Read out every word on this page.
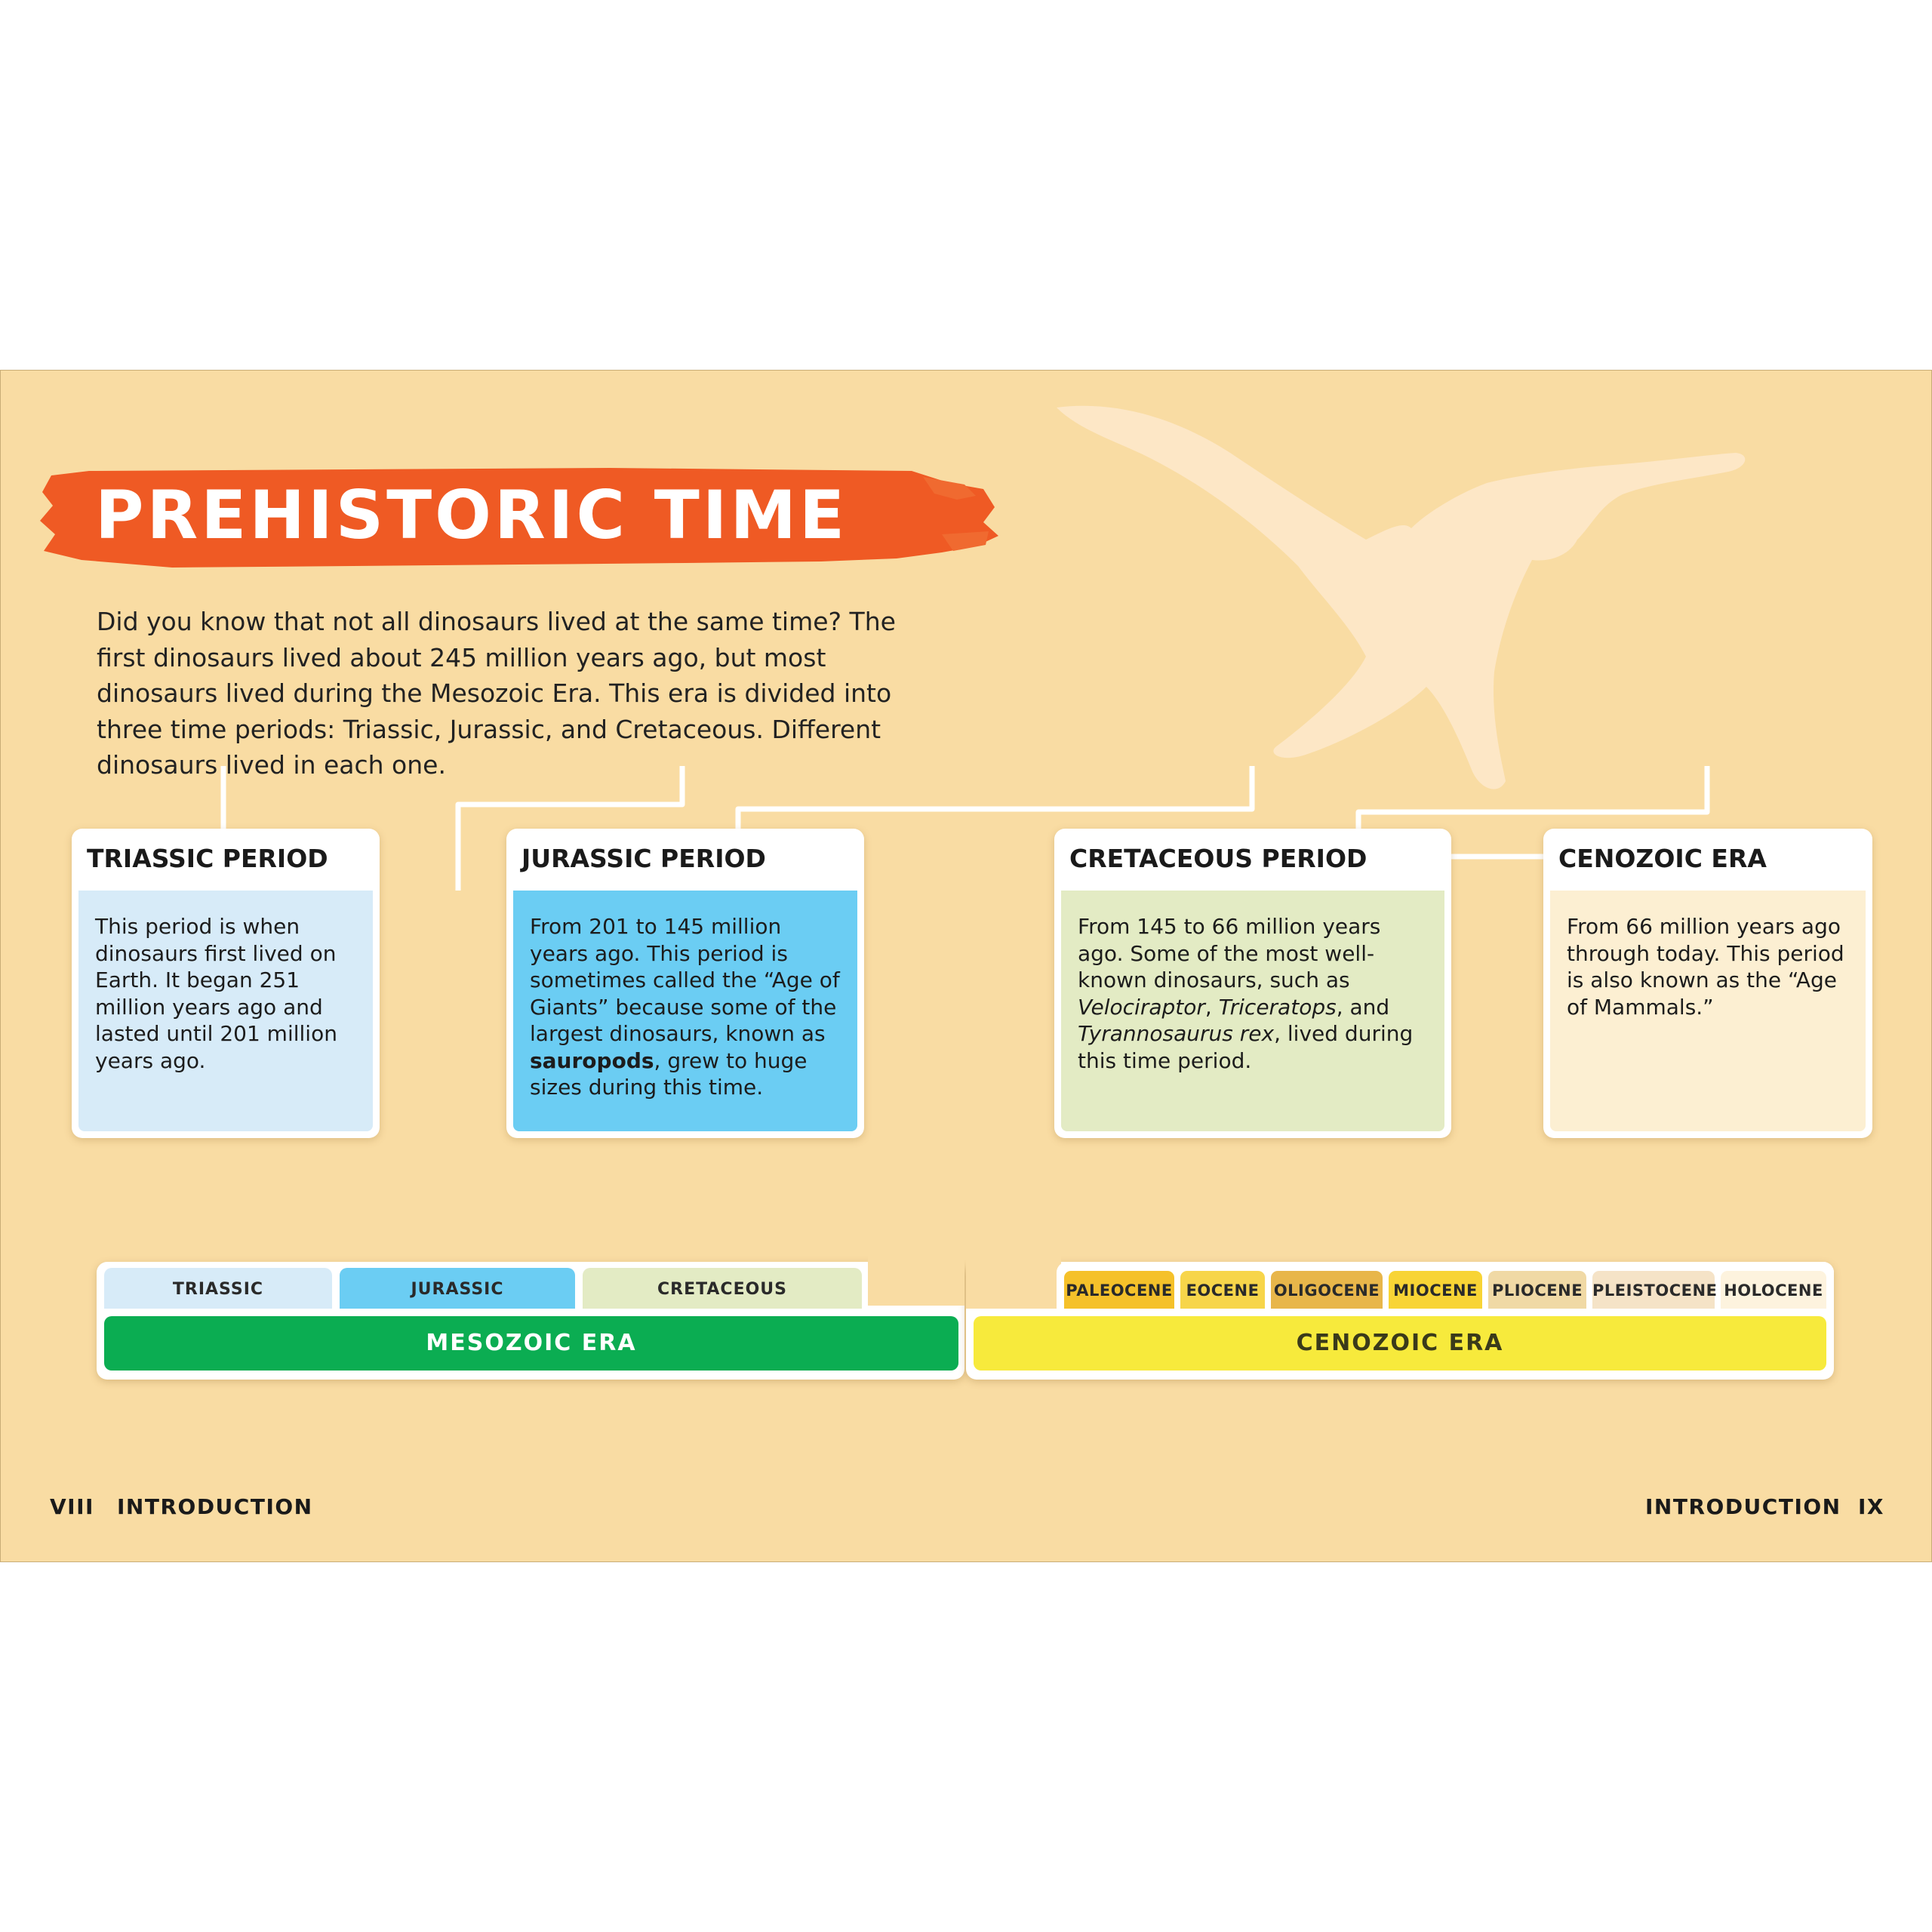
PREHISTORIC TIME
Did you know that not all dinosaurs lived at the same time? The first dinosaurs lived about 245 million years ago, but most dinosaurs lived during the Mesozoic Era. This era is divided into three time periods: Triassic, Jurassic, and Cretaceous. Different dinosaurs lived in each one.
TRIASSIC PERIOD
This period is when dinosaurs first lived on Earth. It began 251 million years ago and lasted until 201 million years ago.
JURASSIC PERIOD
From 201 to 145 million years ago. This period is sometimes called the “Age of Giants” because some of the largest dinosaurs, known as sauropods, grew to huge sizes during this time.
CRETACEOUS PERIOD
From 145 to 66 million years ago. Some of the most well-known dinosaurs, such as Velociraptor, Triceratops, and Tyrannosaurus rex, lived during this time period.
CENOZOIC ERA
From 66 million years ago through today. This period is also known as the “Age of Mammals.”
TRIASSIC	JURASSIC	CRETACEOUS	PALEOCENE EOCENE OLIGOCENE MIOCENE PLIOCENE PLEISTOCENE HOLOCENE
MESOZOIC ERA	CENOZOIC ERA
VIII INTRODUCTION	INTRODUCTION IX
